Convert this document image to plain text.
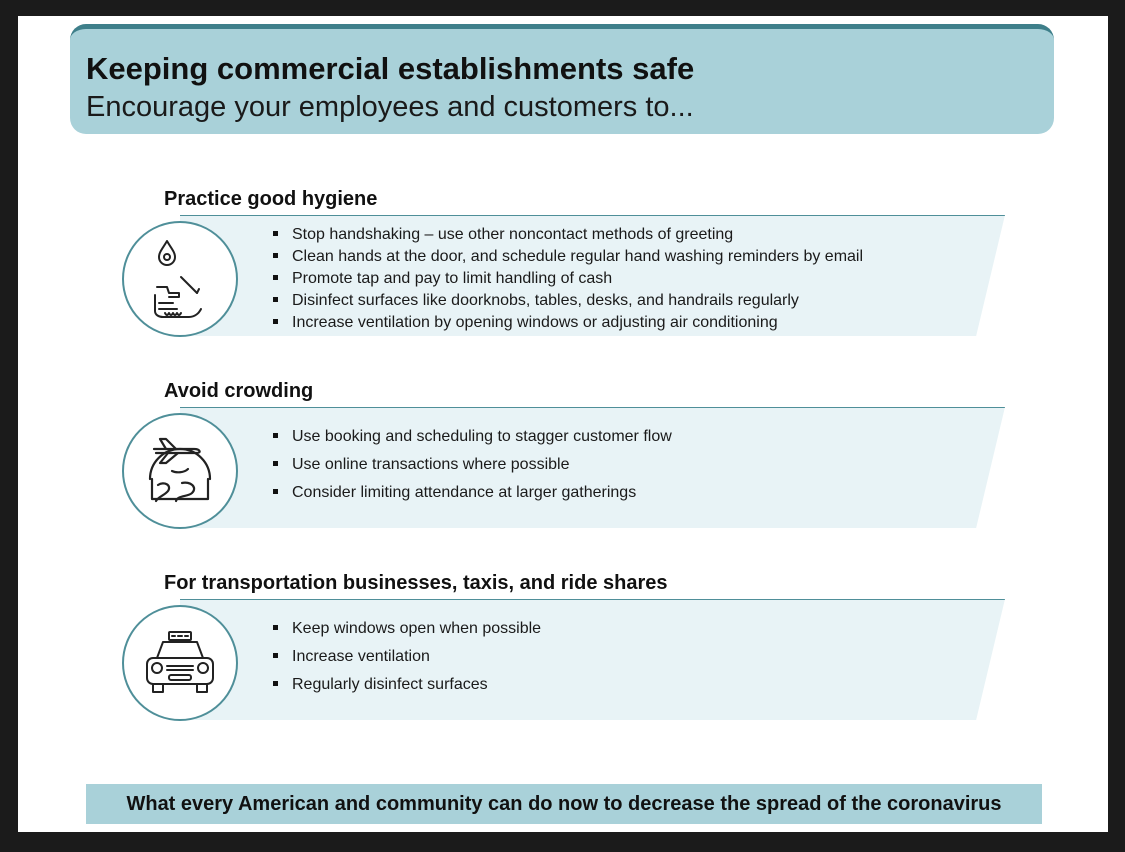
Keeping commercial establishments safe
Encourage your employees and customers to...
Practice good hygiene
Stop handshaking – use other noncontact methods of greeting
Clean hands at the door, and schedule regular hand washing reminders by email
Promote tap and pay to limit handling of cash
Disinfect surfaces like doorknobs, tables, desks, and handrails regularly
Increase ventilation by opening windows or adjusting air conditioning
Avoid crowding
Use booking and scheduling to stagger customer flow
Use online transactions where possible
Consider limiting attendance at larger gatherings
For transportation businesses, taxis, and ride shares
Keep windows open when possible
Increase ventilation
Regularly disinfect surfaces
What every American and community can do now to decrease the spread of the coronavirus
